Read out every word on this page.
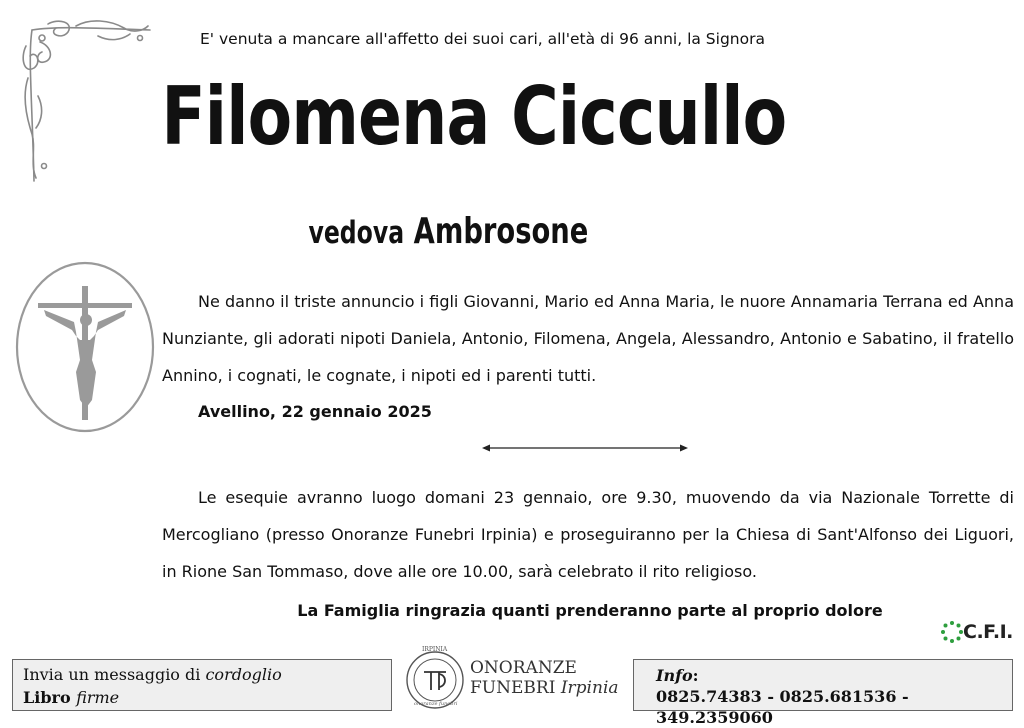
E' venuta a mancare all'affetto dei suoi cari, all'età di 96 anni, la Signora
Filomena Ciccullo
vedova Ambrosone
Ne danno il triste annuncio i figli Giovanni, Mario ed Anna Maria, le nuore Annamaria Terrana ed Anna Nunziante, gli adorati nipoti Daniela, Antonio, Filomena, Angela, Alessandro, Antonio e Sabatino, il fratello Annino, i cognati, le cognate, i nipoti ed i parenti tutti.
Avellino, 22 gennaio 2025
Le esequie avranno luogo domani 23 gennaio, ore 9.30, muovendo da via Nazionale Torrette di Mercogliano (presso Onoranze Funebri Irpinia) e proseguiranno per la Chiesa di Sant'Alfonso dei Liguori, in Rione San Tommaso, dove alle ore 10.00, sarà celebrato il rito religioso.
La Famiglia ringrazia quanti prenderanno parte al proprio dolore
C.F.I.
Invia un messaggio di cordoglio
Libro firme
IRPINIA
onoranze funebri
ONORANZE
FUNEBRI Irpinia
Info:
0825.74383 - 0825.681536 - 349.2359060
